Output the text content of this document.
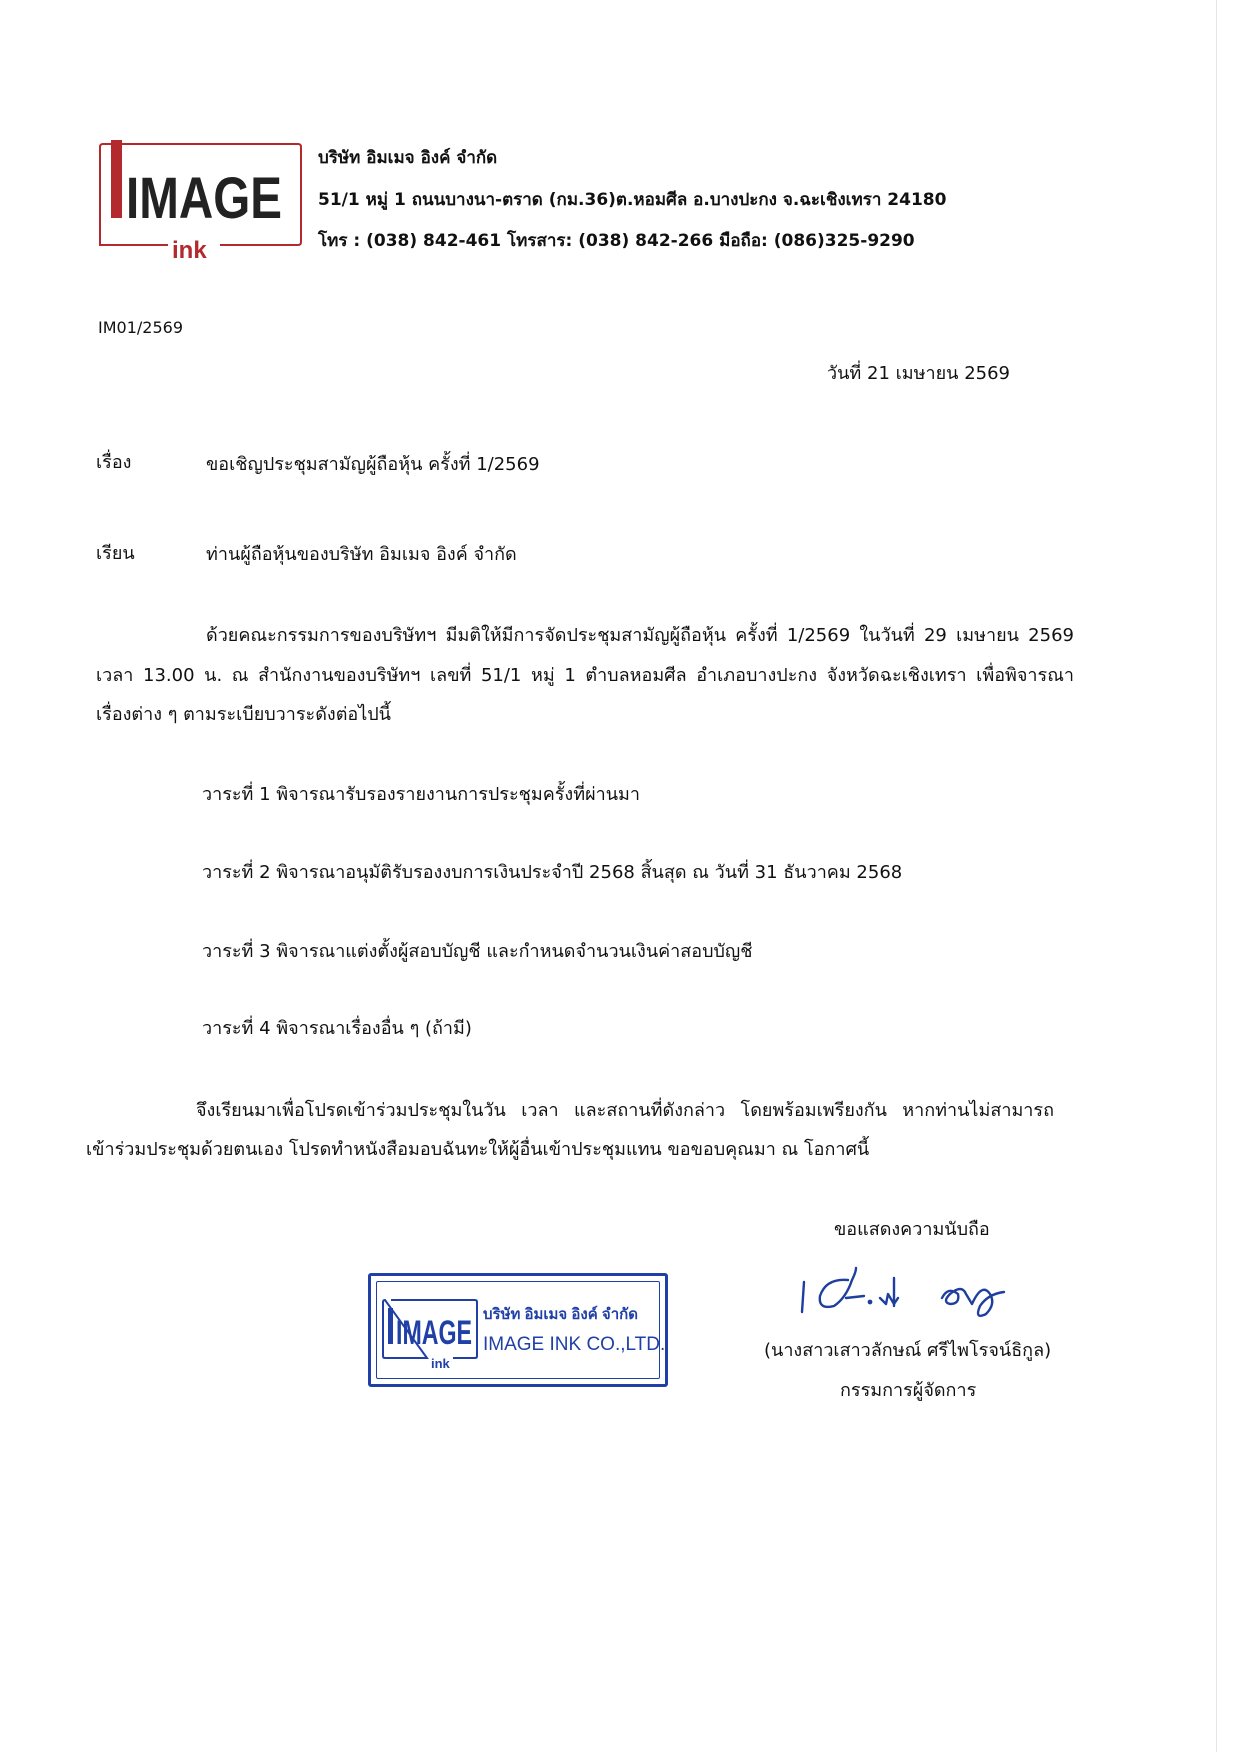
IMAGE
ink
บริษัท อิมเมจ อิงค์ จำกัด
51/1 หมู่ 1 ถนนบางนา-ตราด (กม.36)ต.หอมศีล อ.บางปะกง จ.ฉะเชิงเทรา 24180
โทร : (038) 842-461 โทรสาร: (038) 842-266 มือถือ: (086)325-9290
IM01/2569
วันที่ 21 เมษายน 2569
เรื่อง	ขอเชิญประชุมสามัญผู้ถือหุ้น ครั้งที่ 1/2569
เรียน	ท่านผู้ถือหุ้นของบริษัท อิมเมจ อิงค์ จำกัด
ด้วยคณะกรรมการของบริษัทฯ มีมติให้มีการจัดประชุมสามัญผู้ถือหุ้น ครั้งที่ 1/2569 ในวันที่ 29 เมษายน 2569
เวลา 13.00 น. ณ สำนักงานของบริษัทฯ เลขที่ 51/1 หมู่ 1 ตำบลหอมศีล อำเภอบางปะกง จังหวัดฉะเชิงเทรา เพื่อพิจารณา
เรื่องต่าง ๆ ตามระเบียบวาระดังต่อไปนี้
วาระที่ 1 พิจารณารับรองรายงานการประชุมครั้งที่ผ่านมา
วาระที่ 2 พิจารณาอนุมัติรับรองงบการเงินประจำปี 2568 สิ้นสุด ณ วันที่ 31 ธันวาคม 2568
วาระที่ 3 พิจารณาแต่งตั้งผู้สอบบัญชี และกำหนดจำนวนเงินค่าสอบบัญชี
วาระที่ 4 พิจารณาเรื่องอื่น ๆ (ถ้ามี)
จึงเรียนมาเพื่อโปรดเข้าร่วมประชุมในวัน เวลา และสถานที่ดังกล่าว โดยพร้อมเพรียงกัน หากท่านไม่สามารถ
เข้าร่วมประชุมด้วยตนเอง โปรดทำหนังสือมอบฉันทะให้ผู้อื่นเข้าประชุมแทน ขอขอบคุณมา ณ โอกาศนี้
ขอแสดงความนับถือ
(นางสาวเสาวลักษณ์ ศรีไพโรจน์ธิกูล)
กรรมการผู้จัดการ
IMAGE
ink
บริษัท อิมเมจ อิงค์ จำกัด
IMAGE INK CO.,LTD.
